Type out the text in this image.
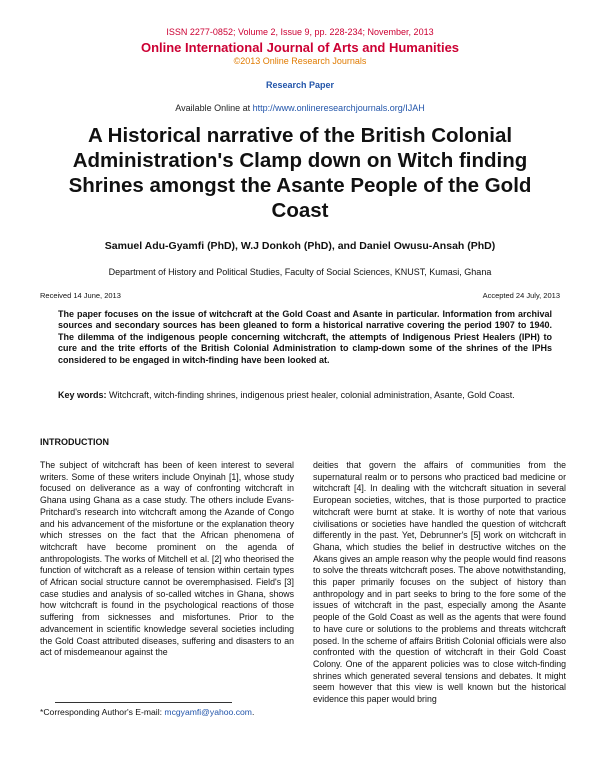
ISSN 2277-0852; Volume 2, Issue 9, pp. 228-234; November, 2013
Online International Journal of Arts and Humanities
©2013 Online Research Journals
Research Paper
Available Online at http://www.onlineresearchjournals.org/IJAH
A Historical narrative of the British Colonial Administration's Clamp down on Witch finding Shrines amongst the Asante People of the Gold Coast
Samuel Adu-Gyamfi (PhD), W.J Donkoh (PhD), and Daniel Owusu-Ansah (PhD)
Department of History and Political Studies, Faculty of Social Sciences, KNUST, Kumasi, Ghana
Received 14 June, 2013	Accepted 24 July, 2013

The paper focuses on the issue of witchcraft at the Gold Coast and Asante in particular. Information from archival sources and secondary sources has been gleaned to form a historical narrative covering the period 1907 to 1940. The dilemma of the indigenous people concerning witchcraft, the attempts of Indigenous Priest Healers (IPH) to cure and the trite efforts of the British Colonial Administration to clamp-down some of the shrines of the IPHs considered to be engaged in witch-finding have been looked at.

Key words: Witchcraft, witch-finding shrines, indigenous priest healer, colonial administration, Asante, Gold Coast.

INTRODUCTION

The subject of witchcraft has been of keen interest to several writers. Some of these writers include Onyinah [1], whose study focused on deliverance as a way of confronting witchcraft in Ghana using Ghana as a case study. The others include Evans-Pritchard's research into witchcraft among the Azande of Congo and his advancement of the misfortune or the explanation theory which stresses on the fact that the African phenomena of witchcraft have become prominent on the agenda of anthropologists. The works of Mitchell et al. [2] who theorised the function of witchcraft as a release of tension within certain types of African social structure cannot be overemphasised. Field's [3] case studies and analysis of so-called witches in Ghana, shows how witchcraft is found in the psychological reactions of those suffering from sicknesses and misfortunes. Prior to the advancement in scientific knowledge several societies including the Gold Coast attributed diseases, suffering and disasters to an act of misdemeanour against the

deities that govern the affairs of communities from the supernatural realm or to persons who practiced bad medicine or witchcraft [4]. In dealing with the witchcraft situation in several European societies, witches, that is those purported to practice witchcraft were burnt at stake. It is worthy of note that various civilisations or societies have handled the question of witchcraft differently in the past. Yet, Debrunner's [5] work on witchcraft in Ghana, which studies the belief in destructive witches on the Akans gives an ample reason why the people would find reasons to solve the threats witchcraft poses. The above notwithstanding, this paper primarily focuses on the subject of history than anthropology and in part seeks to bring to the fore some of the issues of witchcraft in the past, especially among the Asante people of the Gold Coast as well as the agents that were found to have cure or solutions to the problems and threats witchcraft posed. In the scheme of affairs British Colonial officials were also confronted with the question of witchcraft in their Gold Coast Colony. One of the apparent policies was to close witch-finding shrines which generated several tensions and debates. It might seem however that this view is well known but the historical evidence this paper would bring

*Corresponding Author's E-mail: mcgyamfi@yahoo.com.
